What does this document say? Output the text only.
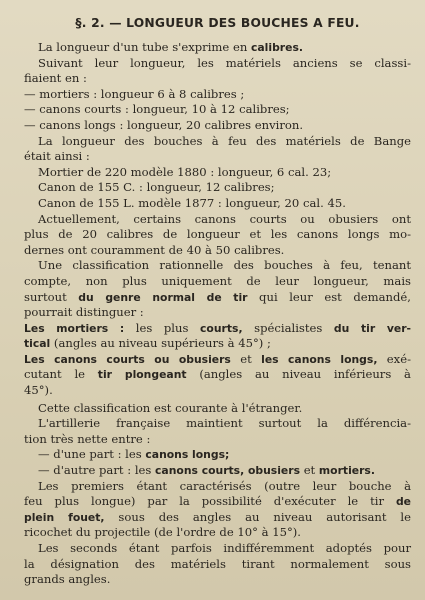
§. 2. — LONGUEUR DES BOUCHES A FEU.

La longueur d'un tube s'exprime en calibres.

Suivant leur longueur, les matériels anciens se classi-

fiaient en :

— mortiers : longueur 6 à 8 calibres ;

— canons courts : longueur, 10 à 12 calibres;

— canons longs : longueur, 20 calibres environ.

La longueur des bouches à feu des matériels de Bange

était ainsi :

Mortier de 220 modèle 1880 : longueur, 6 cal. 23;

Canon de 155 C. : longueur, 12 calibres;

Canon de 155 L. modèle 1877 : longueur, 20 cal. 45.

Actuellement, certains canons courts ou obusiers ont

plus de 20 calibres de longueur et les canons longs mo-

dernes ont couramment de 40 à 50 calibres.

Une classification rationnelle des bouches à feu, tenant

compte, non plus uniquement de leur longueur, mais

surtout du genre normal de tir qui leur est demandé,

pourrait distinguer :

Les mortiers : les plus courts, spécialistes du tir ver-

tical (angles au niveau supérieurs à 45°) ;

Les canons courts ou obusiers et les canons longs, exé-

cutant le tir plongeant (angles au niveau inférieurs à

45°).

Cette classification est courante à l'étranger.

L'artillerie française maintient surtout la différencia-

tion très nette entre :

— d'une part : les canons longs;

— d'autre part : les canons courts, obusiers et mortiers.

Les premiers étant caractérisés (outre leur bouche à

feu plus longue) par la possibilité d'exécuter le tir de

plein fouet, sous des angles au niveau autorisant le

ricochet du projectile (de l'ordre de 10° à 15°).

Les seconds étant parfois indifféremment adoptés pour

la désignation des matériels tirant normalement sous

grands angles.
